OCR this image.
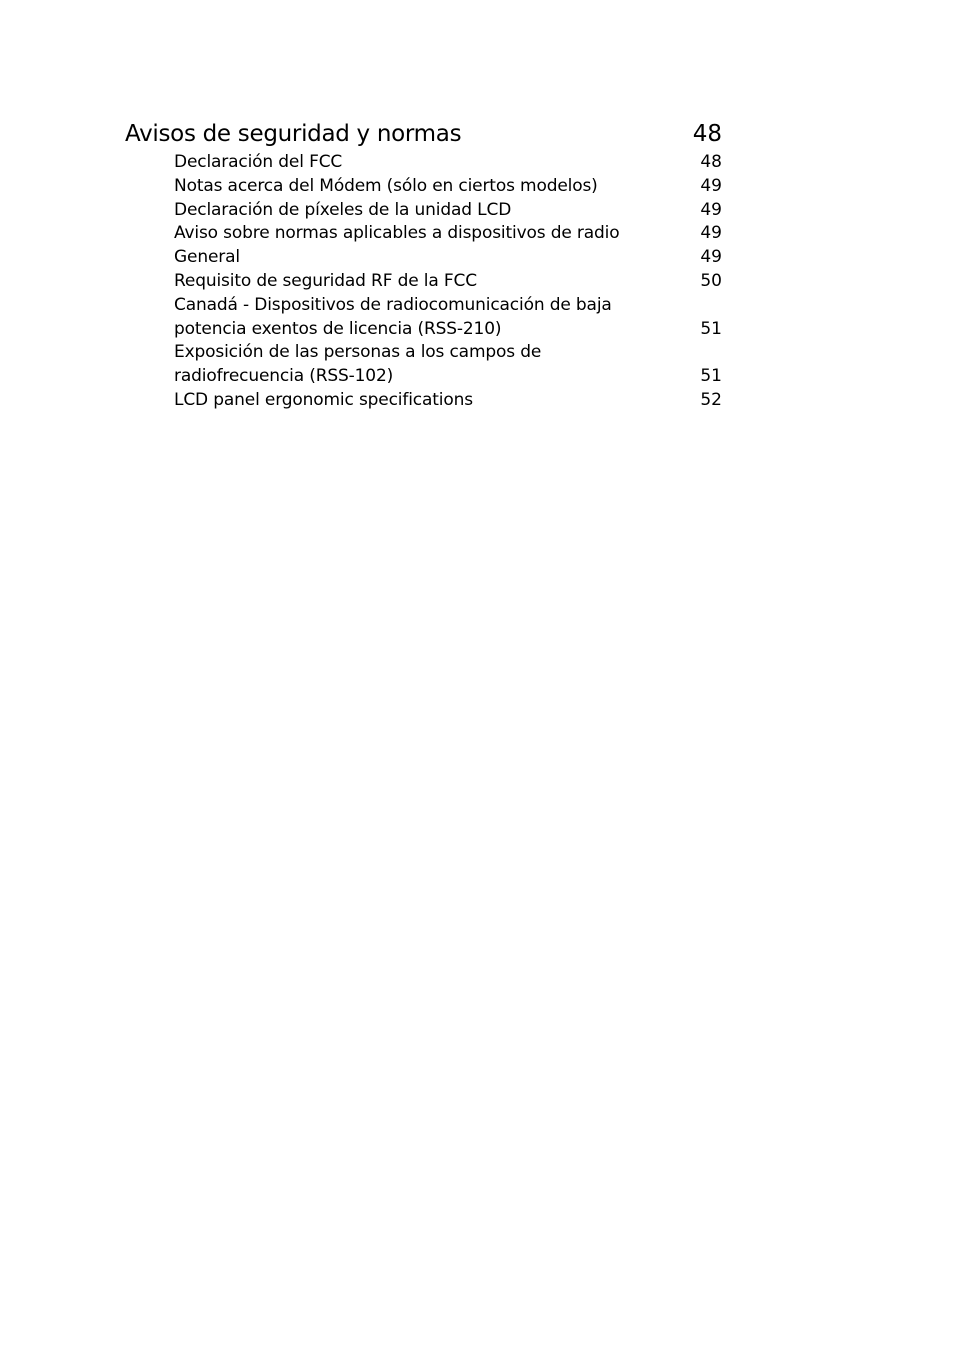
Avisos de seguridad y normas	48
Declaración del FCC	48
Notas acerca del Módem (sólo en ciertos modelos)	49
Declaración de píxeles de la unidad LCD	49
Aviso sobre normas aplicables a dispositivos de radio	49
General	49
Requisito de seguridad RF de la FCC	50
Canadá - Dispositivos de radiocomunicación de baja
potencia exentos de licencia (RSS-210)	51
Exposición de las personas a los campos de
radiofrecuencia (RSS-102)	51
LCD panel ergonomic specifications	52
